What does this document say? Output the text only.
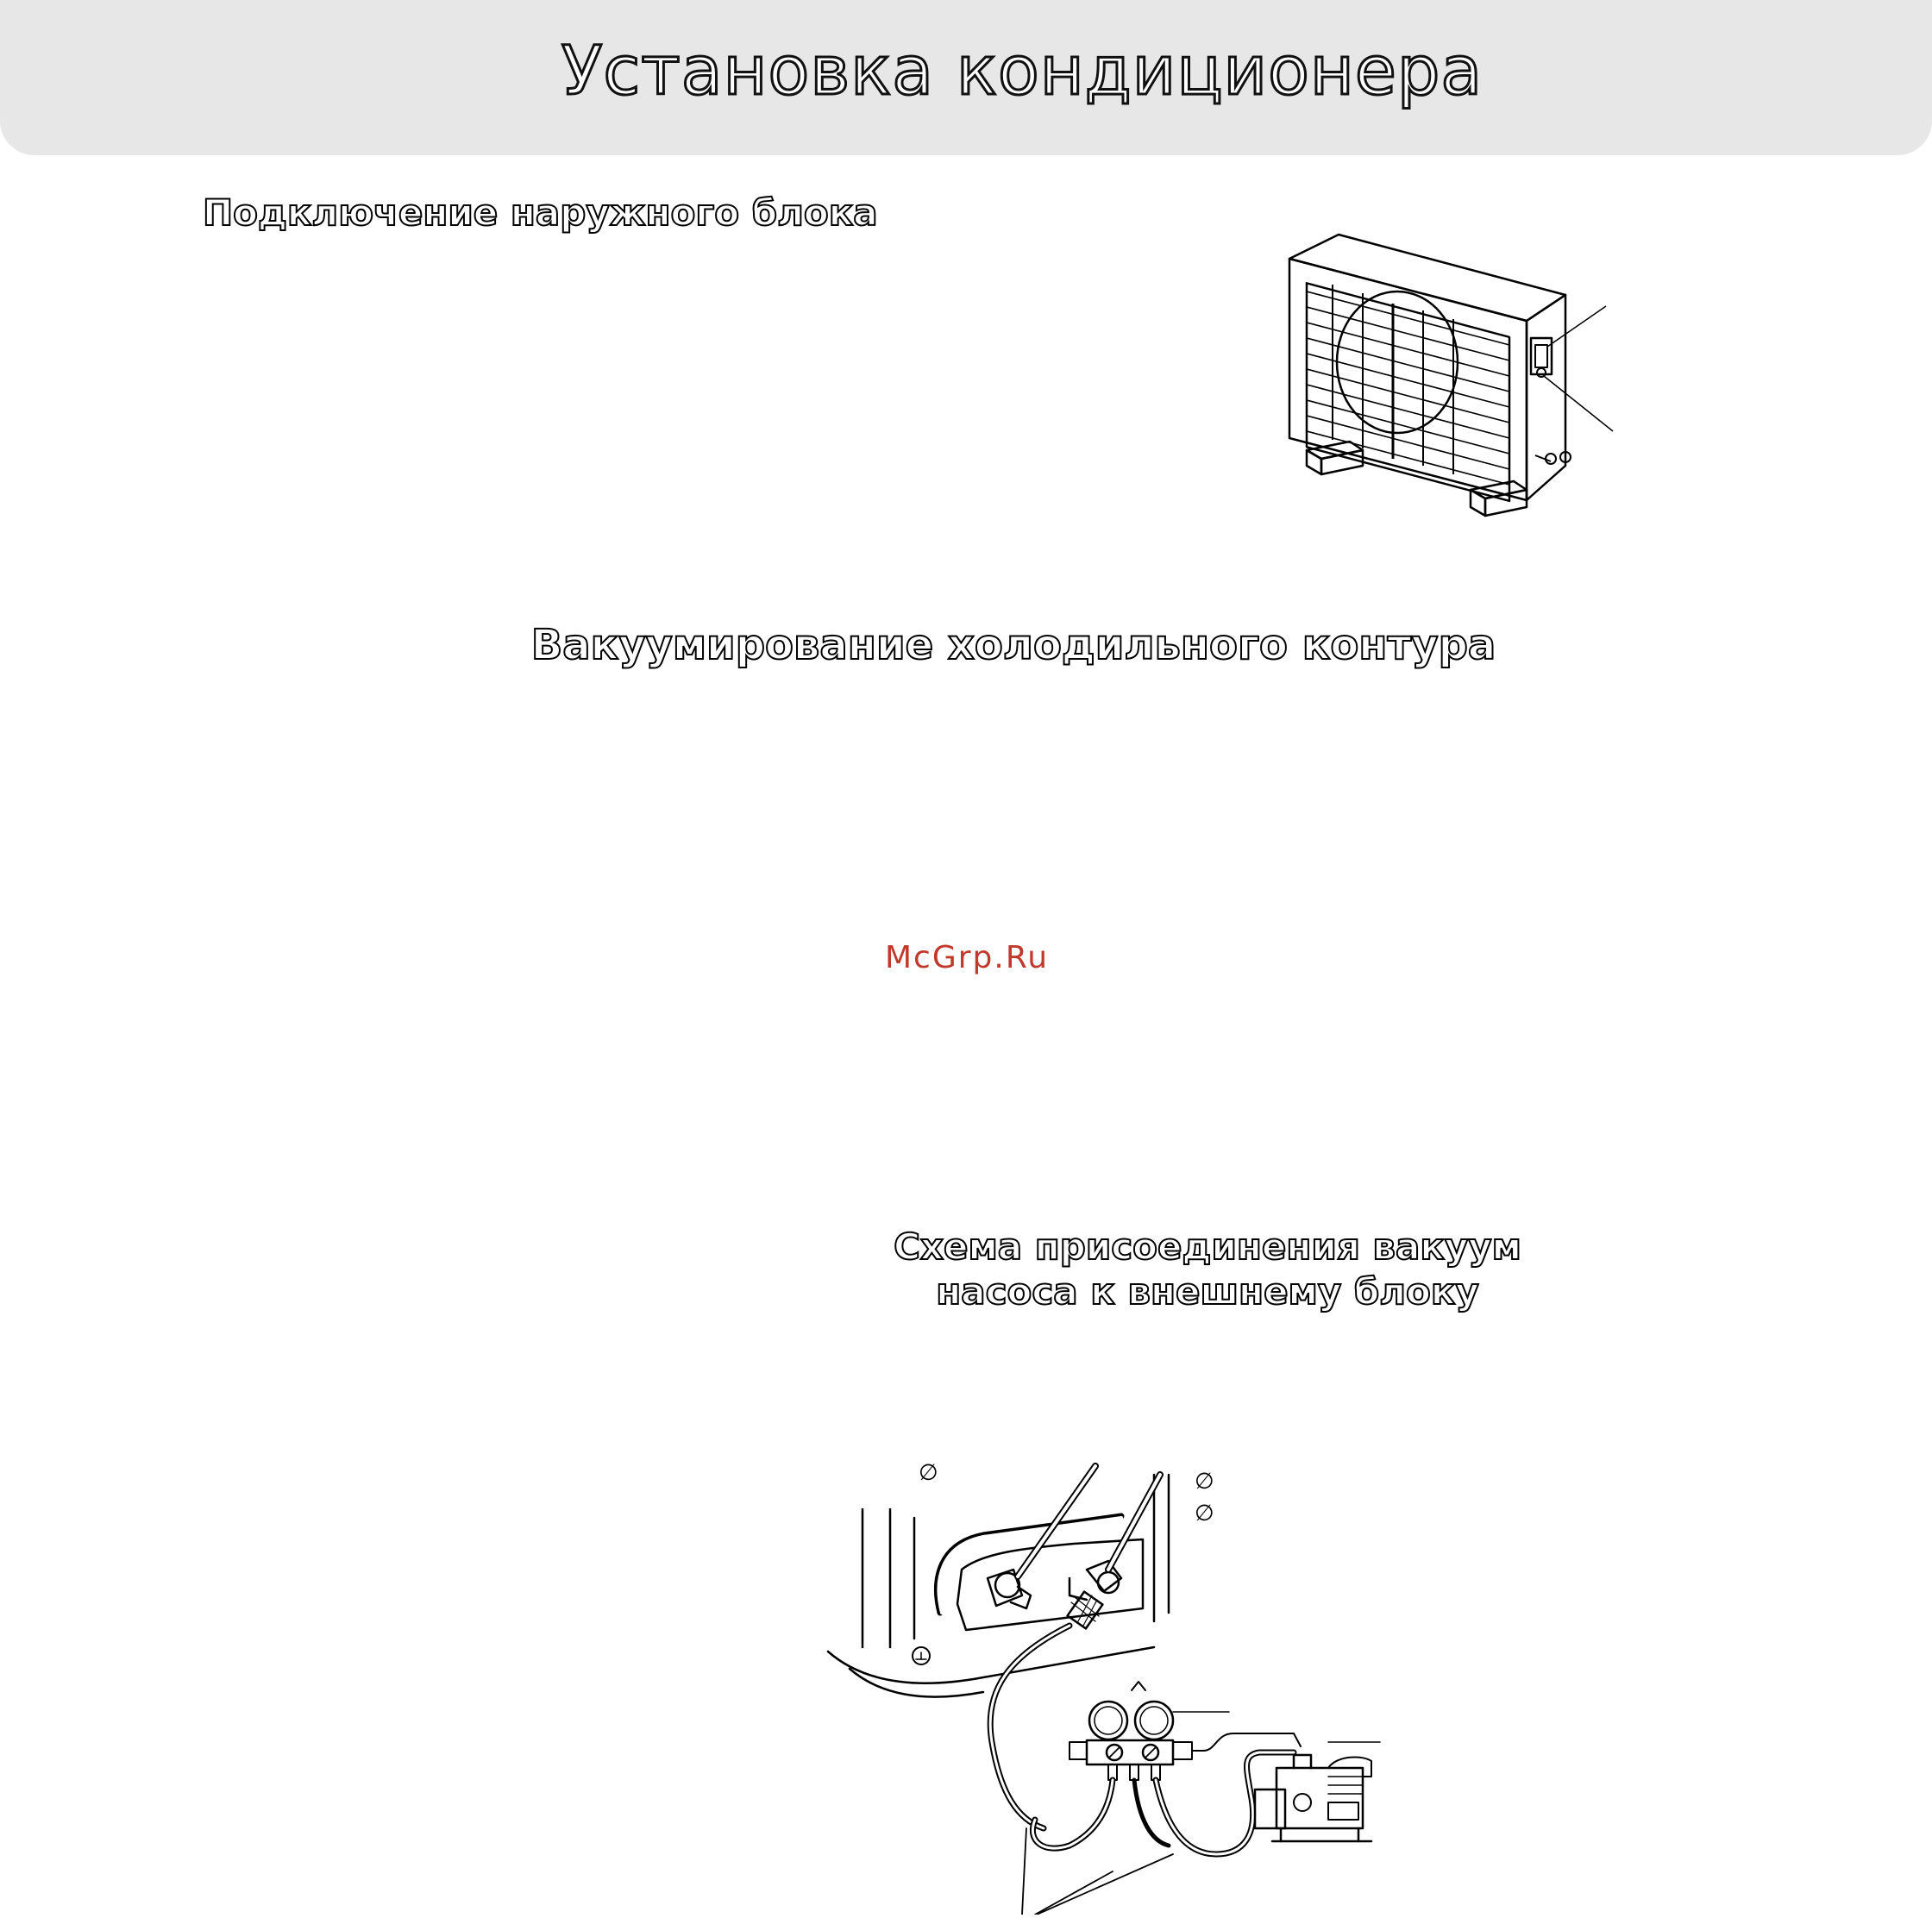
Установка кондиционера
Подключение наружного блока
Вакуумирование холодильного контура
McGrp.Ru
Схема присоединения вакуум насоса к внешнему блоку
∅	∅
∅
